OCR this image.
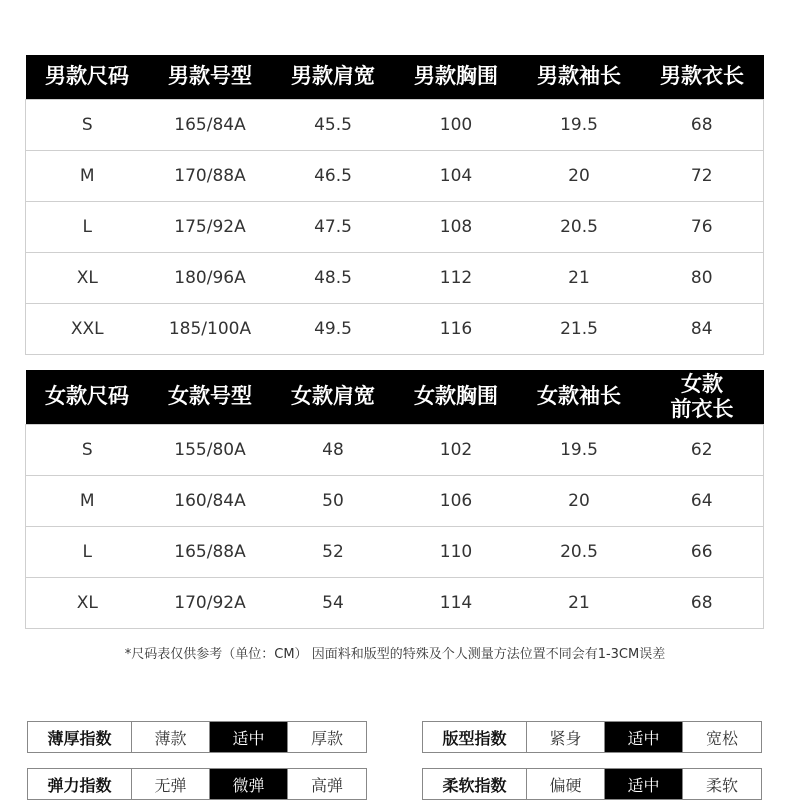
男款尺码	男款号型	男款肩宽	男款胸围	男款袖长	男款衣长
S	165/84A	45.5	100	19.5	68
M	170/88A	46.5	104	20	72
L	175/92A	47.5	108	20.5	76
XL	180/96A	48.5	112	21	80
XXL	185/100A	49.5	116	21.5	84
女款尺码	女款号型	女款肩宽	女款胸围	女款袖长	女款
前衣长

S	155/80A	48	102	19.5	62
M	160/84A	50	106	20	64
L	165/88A	52	110	20.5	66
XL	170/92A	54	114	21	68
*尺码表仅供参考（单位：CM） 因面料和版型的特殊及个人测量方法位置不同会有1-3CM误差
薄厚指数	薄款	适中	厚款	版型指数	紧身	适中	宽松
弹力指数	无弹	微弹	高弹	柔软指数	偏硬	适中	柔软
